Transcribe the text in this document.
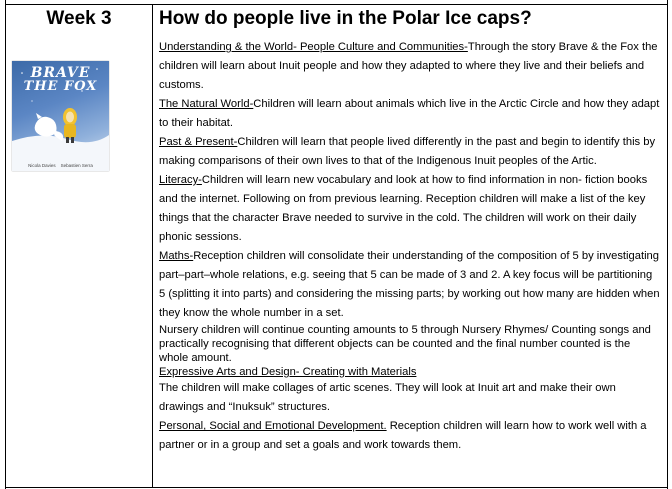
Week 3	How do people live in the Polar Ice caps?
BRAVE
THE FOX
Nicola Davies    Sebastien Serra

Understanding & the World- People Culture and Communities-Through the story Brave & the Fox the children will learn about Inuit people and how they adapted to where they live and their beliefs and customs.

The Natural World-Children will learn about animals which live in the Arctic Circle and how they adapt to their habitat.

Past & Present-Children will learn that people lived differently in the past and begin to identify this by making comparisons of their own lives to that of the Indigenous Inuit peoples of the Artic.

Literacy-Children will learn new vocabulary and look at how to find information in non- fiction books and the internet. Following on from previous learning. Reception children will make a list of the key things that the character Brave needed to survive in the cold. The children will work on their daily phonic sessions.

Maths-Reception children will consolidate their understanding of the composition of 5 by investigating part–part–whole relations, e.g. seeing that 5 can be made of 3 and 2. A key focus will be partitioning 5 (splitting it into parts) and considering the missing parts; by working out how many are hidden when they know the whole number in a set.

Nursery children will continue counting amounts to 5 through Nursery Rhymes/ Counting songs and practically recognising that different objects can be counted and the final number counted is the whole amount.

Expressive Arts and Design- Creating with Materials

The children will make collages of artic scenes. They will look at Inuit art and make their own drawings and “Inuksuk” structures.

Personal, Social and Emotional Development. Reception children will learn how to work well with a partner or in a group and set a goals and work towards them.
